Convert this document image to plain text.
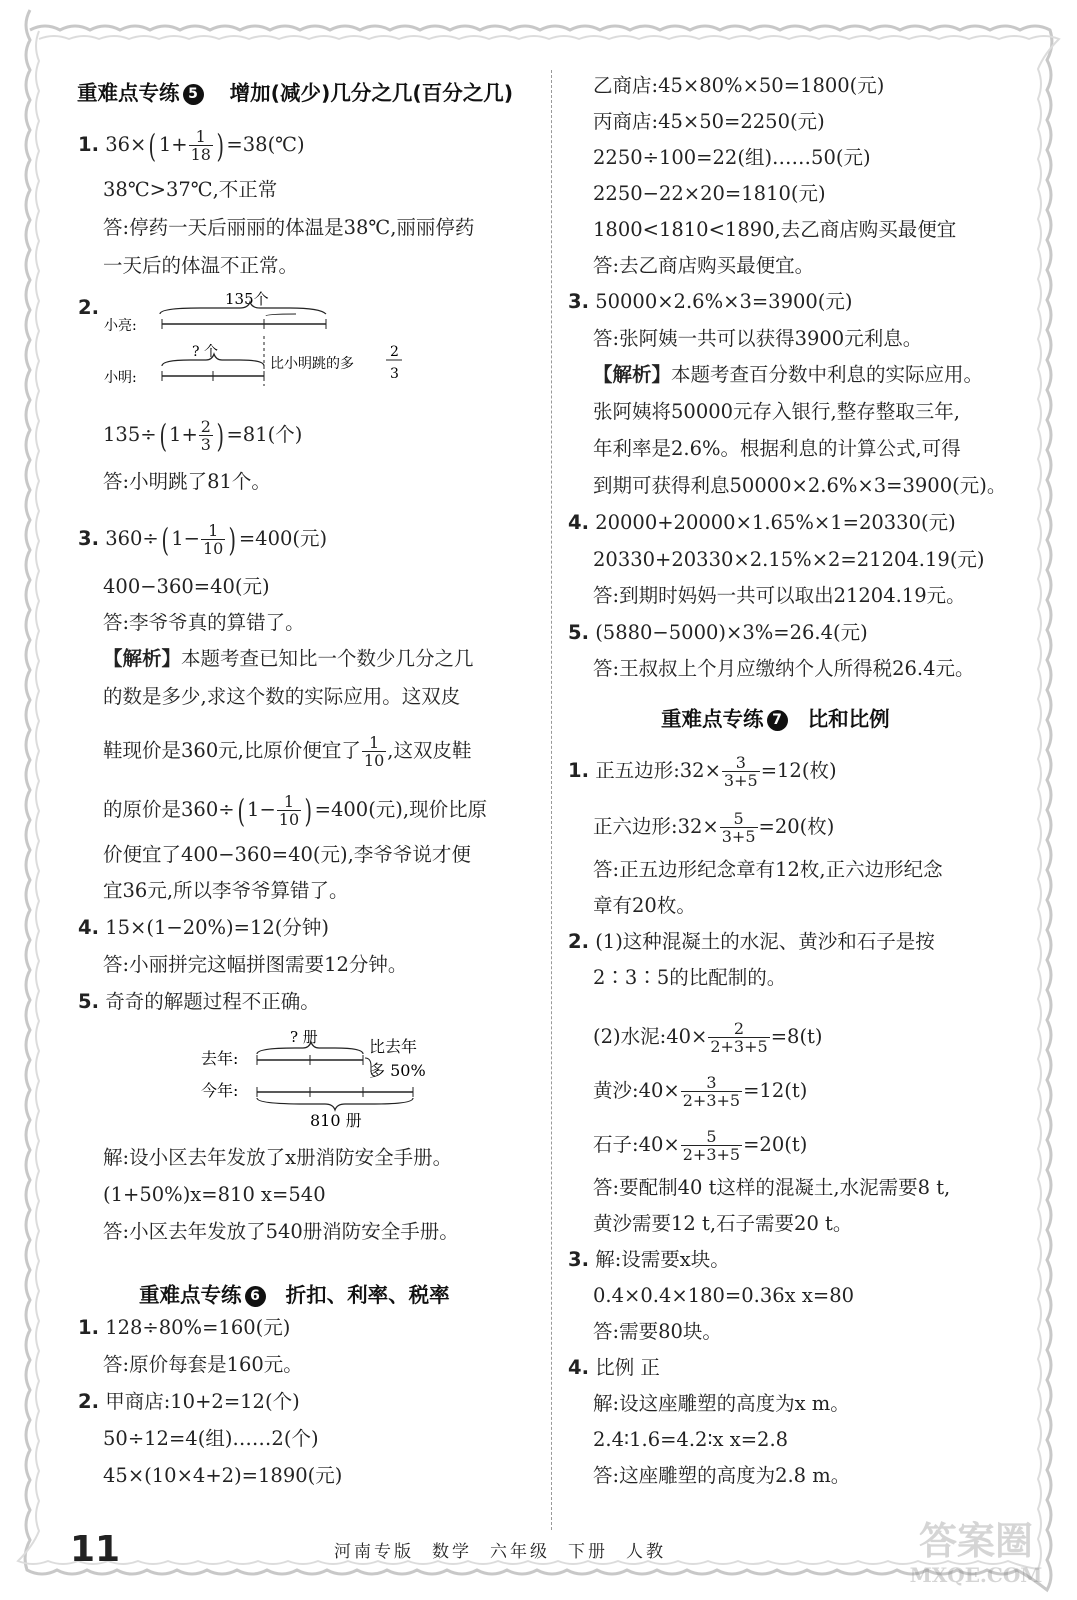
重难点专练 5 增加(减少)几分之几(百分之几)
1. 36×( $1+ \frac{1}{18}$ ) =38(℃)
38℃>37℃,不正常
答:停药一天后丽丽的体温是38℃,丽丽停药
一天后的体温不正常。
2.	135个
小亮:
? 个
小明:
比小明跳的多
2
3
135÷( $1+ \frac{2}{3}$ ) =81(个)
答:小明跳了81个。
3. 360÷( $1- \frac{1}{10}$ ) =400(元)
400−360=40(元)
答:李爷爷真的算错了。
【解析】本题考查已知比一个数少几分之几
的数是多少,求这个数的实际应用。这双皮
鞋现价是360元,比原价便宜了 $\frac{1}{10}$ ,这双皮鞋
的原价是360÷( $1- \frac{1}{10}$ ) =400(元),现价比原
价便宜了400−360=40(元),李爷爷说才便
宜36元,所以李爷爷算错了。
4. 15×(1−20%)=12(分钟)
答:小丽拼完这幅拼图需要12分钟。
5. 奇奇的解题过程不正确。
? 册
去年:
比去年
多 50%
今年:
810 册
解:设小区去年发放了x册消防安全手册。
(1+50%)x=810 x=540
答:小区去年发放了540册消防安全手册。
重难点专练 6 折扣、利率、税率
1. 128÷80%=160(元)
答:原价每套是160元。
2. 甲商店:10+2=12(个)
50÷12=4(组)……2(个)
45×(10×4+2)=1890(元)
乙商店:45×80%×50=1800(元)
丙商店:45×50=2250(元)
2250÷100=22(组)……50(元)
2250−22×20=1810(元)
1800<1810<1890,去乙商店购买最便宜
答:去乙商店购买最便宜。
3. 50000×2.6%×3=3900(元)
答:张阿姨一共可以获得3900元利息。
【解析】本题考查百分数中利息的实际应用。
张阿姨将50000元存入银行,整存整取三年,
年利率是2.6%。根据利息的计算公式,可得
到期可获得利息50000×2.6%×3=3900(元)。
4. 20000+20000×1.65%×1=20330(元)
20330+20330×2.15%×2=21204.19(元)
答:到期时妈妈一共可以取出21204.19元。
5. (5880−5000)×3%=26.4(元)
答:王叔叔上个月应缴纳个人所得税26.4元。
重难点专练 7 比和比例
1. 正五边形:32× $\frac{3}{3+5} =12$(枚)
正六边形:32× $\frac{5}{3+5} =20$(枚)
答:正五边形纪念章有12枚,正六边形纪念
章有20枚。
2. (1)这种混凝土的水泥、黄沙和石子是按
2∶3∶5的比配制的。
(2)水泥:40× $\frac{2}{2+3+5} =8(t)$
黄沙:40× $\frac{3}{2+3+5} =12(t)$
石子:40× $\frac{5}{2+3+5} =20(t)$
答:要配制40 t这样的混凝土,水泥需要8 t,
黄沙需要12 t,石子需要20 t。
3. 解:设需要x块。
0.4×0.4×180=0.36x x=80
答:需要80块。
4. 比例 正
解:设这座雕塑的高度为x m。
2.4∶1.6=4.2∶x x=2.8
答:这座雕塑的高度为2.8 m。
11	河南专版 数学 六年级 下册 人教	答案圈
MXQE.COM
